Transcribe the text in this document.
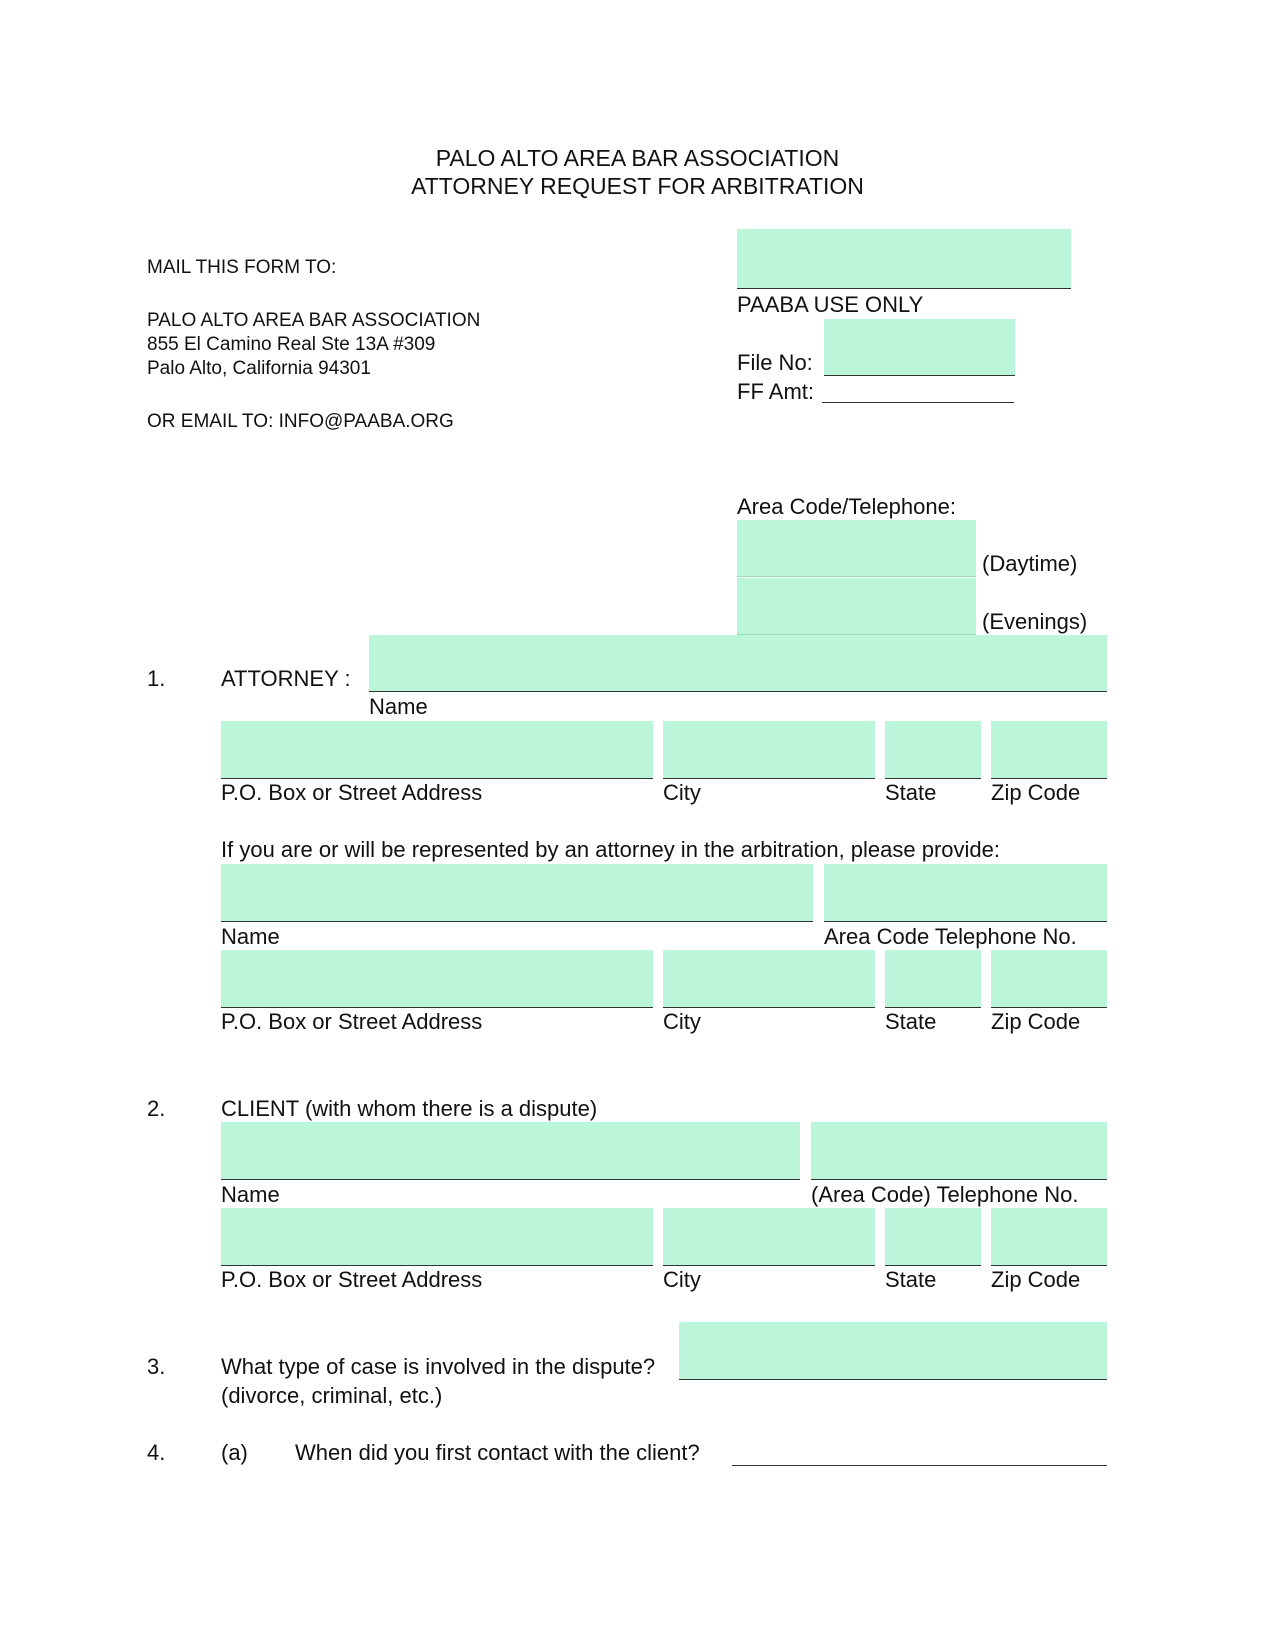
PALO ALTO AREA BAR ASSOCIATION
ATTORNEY REQUEST FOR ARBITRATION
MAIL THIS FORM TO:
PALO ALTO AREA BAR ASSOCIATION
855 El Camino Real Ste 13A #309
Palo Alto, California 94301
OR EMAIL TO: INFO@PAABA.ORG
PAABA USE ONLY
File No:
FF Amt:
Area Code/Telephone:
(Daytime)
(Evenings)
1.	ATTORNEY :
Name
P.O. Box or Street Address	City	State Zip Code
If you are or will be represented by an attorney in the arbitration, please provide:
Name	Area Code Telephone No.
P.O. Box or Street Address	City	State Zip Code
2.	CLIENT (with whom there is a dispute)
Name	(Area Code) Telephone No.
P.O. Box or Street Address	City	State Zip Code
3.	What type of case is involved in the dispute?
(divorce, criminal, etc.)
4.	(a) When did you first contact with the client?
